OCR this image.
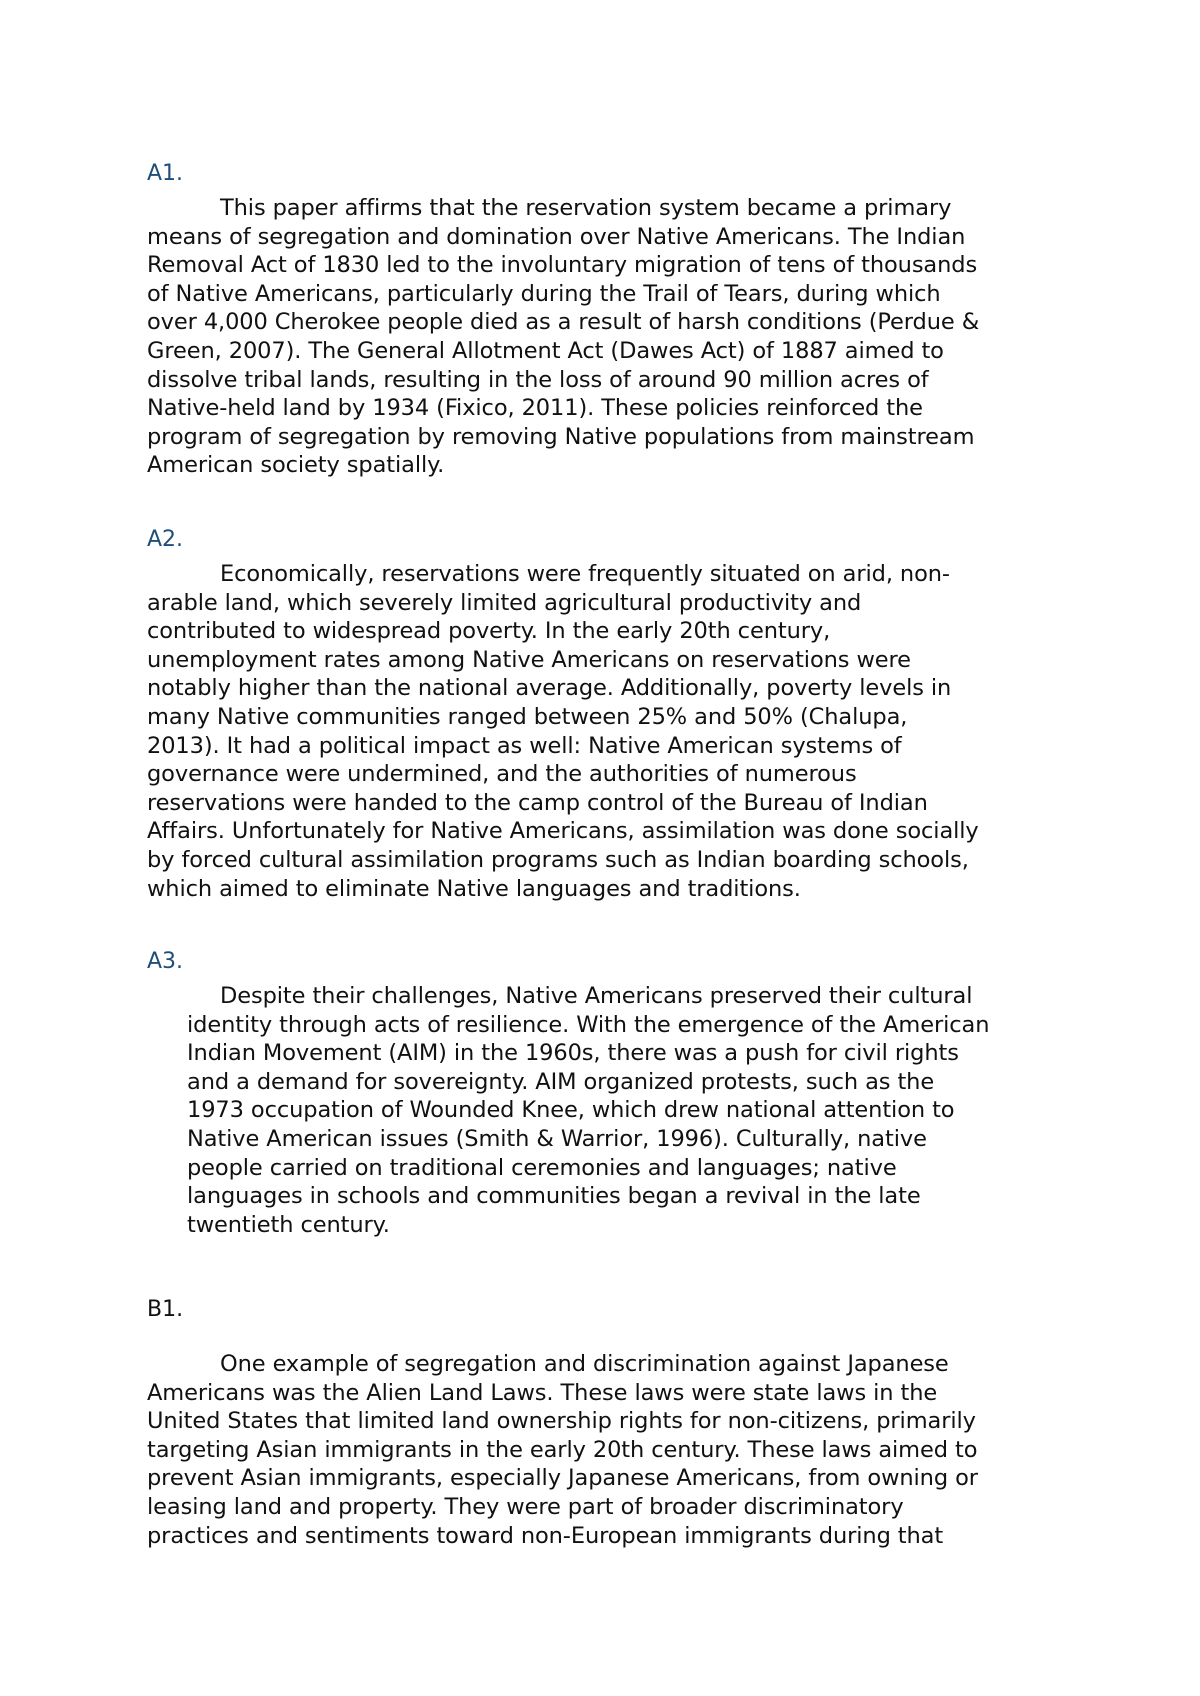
A1.
This paper affirms that the reservation system became a primary
means of segregation and domination over Native Americans. The Indian
Removal Act of 1830 led to the involuntary migration of tens of thousands
of Native Americans, particularly during the Trail of Tears, during which
over 4,000 Cherokee people died as a result of harsh conditions (Perdue &
Green, 2007). The General Allotment Act (Dawes Act) of 1887 aimed to
dissolve tribal lands, resulting in the loss of around 90 million acres of
Native-held land by 1934 (Fixico, 2011). These policies reinforced the
program of segregation by removing Native populations from mainstream
American society spatially.
A2.
Economically, reservations were frequently situated on arid, non-
arable land, which severely limited agricultural productivity and
contributed to widespread poverty. In the early 20th century,
unemployment rates among Native Americans on reservations were
notably higher than the national average. Additionally, poverty levels in
many Native communities ranged between 25% and 50% (Chalupa,
2013). It had a political impact as well: Native American systems of
governance were undermined, and the authorities of numerous
reservations were handed to the camp control of the Bureau of Indian
Affairs. Unfortunately for Native Americans, assimilation was done socially
by forced cultural assimilation programs such as Indian boarding schools,
which aimed to eliminate Native languages and traditions.
A3.
Despite their challenges, Native Americans preserved their cultural
identity through acts of resilience. With the emergence of the American
Indian Movement (AIM) in the 1960s, there was a push for civil rights
and a demand for sovereignty. AIM organized protests, such as the
1973 occupation of Wounded Knee, which drew national attention to
Native American issues (Smith & Warrior, 1996). Culturally, native
people carried on traditional ceremonies and languages; native
languages in schools and communities began a revival in the late
twentieth century.
B1.
One example of segregation and discrimination against Japanese
Americans was the Alien Land Laws. These laws were state laws in the
United States that limited land ownership rights for non-citizens, primarily
targeting Asian immigrants in the early 20th century. These laws aimed to
prevent Asian immigrants, especially Japanese Americans, from owning or
leasing land and property. They were part of broader discriminatory
practices and sentiments toward non-European immigrants during that
